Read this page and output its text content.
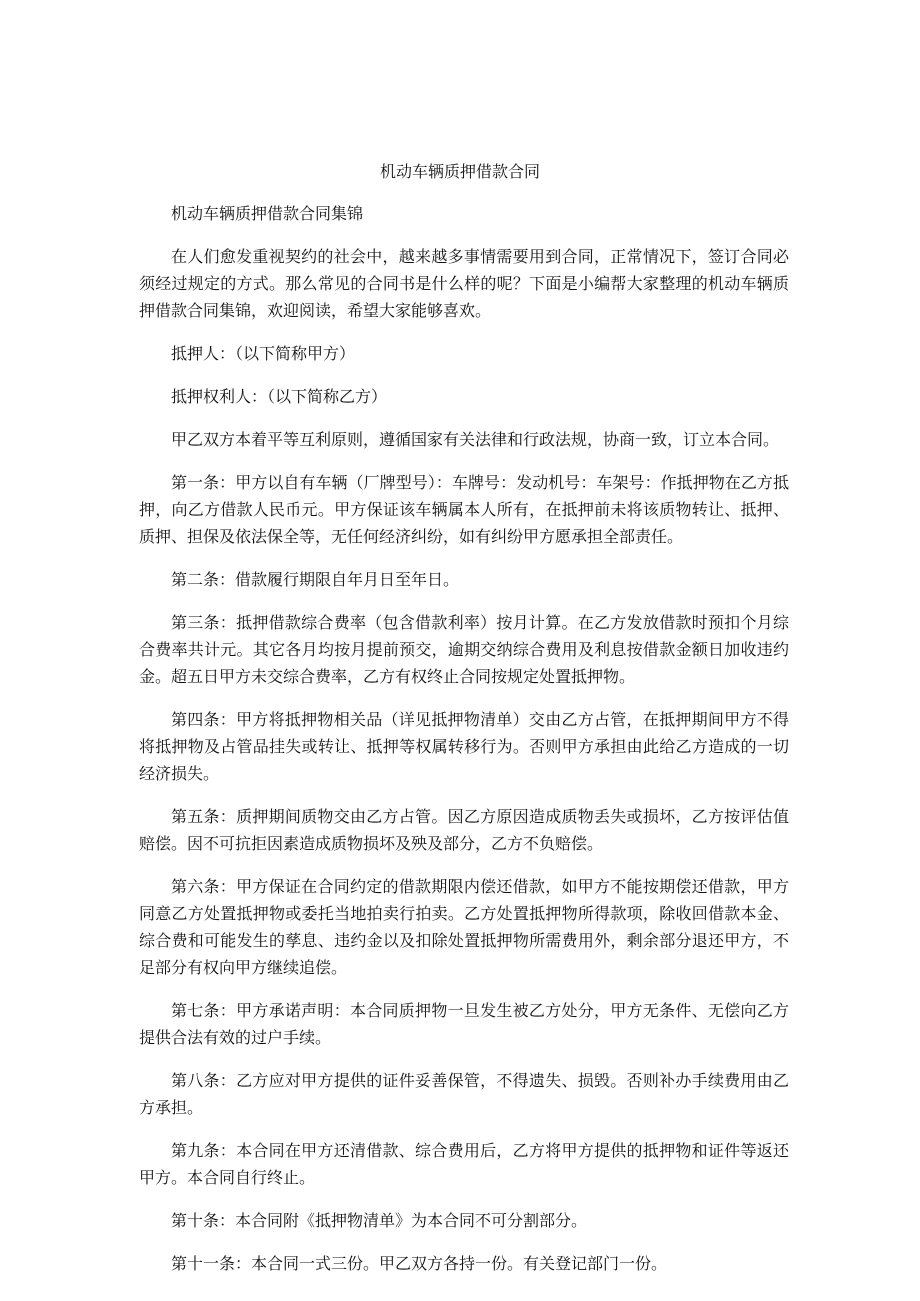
机动车辆质押借款合同

机动车辆质押借款合同集锦

在人们愈发重视契约的社会中，越来越多事情需要用到合同，正常情况下，签订合同必须经过规定的方式。那么常见的合同书是什么样的呢？下面是小编帮大家整理的机动车辆质押借款合同集锦，欢迎阅读，希望大家能够喜欢。

抵押人：（以下简称甲方）

抵押权利人：（以下简称乙方）

甲乙双方本着平等互利原则，遵循国家有关法律和行政法规，协商一致，订立本合同。

第一条：甲方以自有车辆（厂牌型号）：车牌号：发动机号：车架号：作抵押物在乙方抵押，向乙方借款人民币元。甲方保证该车辆属本人所有，在抵押前未将该质物转让、抵押、质押、担保及依法保全等，无任何经济纠纷，如有纠纷甲方愿承担全部责任。

第二条：借款履行期限自年月日至年日。

第三条：抵押借款综合费率（包含借款利率）按月计算。在乙方发放借款时预扣个月综合费率共计元。其它各月均按月提前预交，逾期交纳综合费用及利息按借款金额日加收违约金。超五日甲方未交综合费率，乙方有权终止合同按规定处置抵押物。

第四条：甲方将抵押物相关品（详见抵押物清单）交由乙方占管，在抵押期间甲方不得将抵押物及占管品挂失或转让、抵押等权属转移行为。否则甲方承担由此给乙方造成的一切经济损失。

第五条：质押期间质物交由乙方占管。因乙方原因造成质物丢失或损坏，乙方按评估值赔偿。因不可抗拒因素造成质物损坏及殃及部分，乙方不负赔偿。

第六条：甲方保证在合同约定的借款期限内偿还借款，如甲方不能按期偿还借款，甲方同意乙方处置抵押物或委托当地拍卖行拍卖。乙方处置抵押物所得款项，除收回借款本金、综合费和可能发生的孳息、违约金以及扣除处置抵押物所需费用外，剩余部分退还甲方，不足部分有权向甲方继续追偿。

第七条：甲方承诺声明：本合同质押物一旦发生被乙方处分，甲方无条件、无偿向乙方提供合法有效的过户手续。

第八条：乙方应对甲方提供的证件妥善保管，不得遗失、损毁。否则补办手续费用由乙方承担。

第九条：本合同在甲方还清借款、综合费用后，乙方将甲方提供的抵押物和证件等返还甲方。本合同自行终止。

第十条：本合同附《抵押物清单》为本合同不可分割部分。

第十一条：本合同一式三份。甲乙双方各持一份。有关登记部门一份。
